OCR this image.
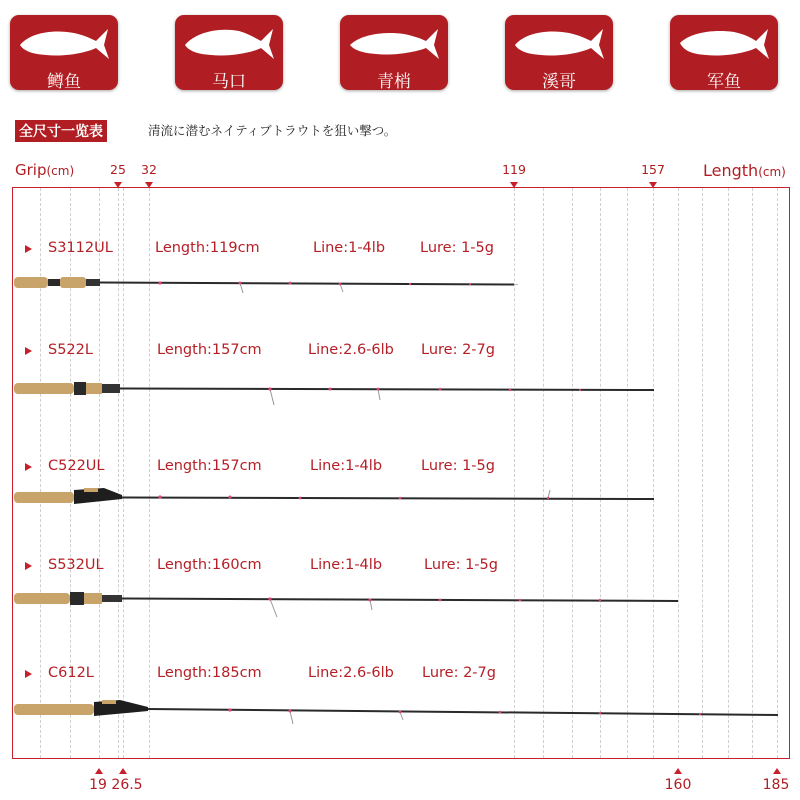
鳟鱼	马口	青梢	溪哥	军鱼
全尺寸一览表	清流に潜むネイティブトラウトを狙い撃つ。
Grip(cm)	Length(cm)
25 32	119	157
S3112UL	Length:119cm	Line:1-4lb Lure: 1-5g
S522L	Length:157cm	Line:2.6-6lb Lure: 2-7g
C522UL	Length:157cm	Line:1-4lb	Lure: 1-5g
S532UL	Length:160cm	Line:1-4lb	Lure: 1-5g
C612L	Length:185cm	Line:2.6-6lb Lure: 2-7g
19 26.5	160	185
